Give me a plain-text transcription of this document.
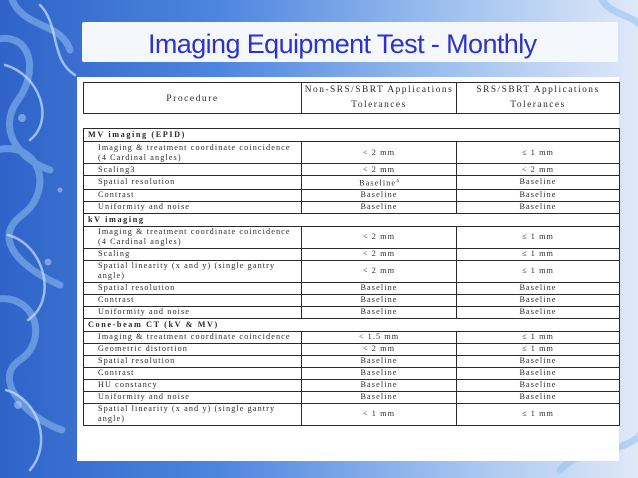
Imaging Equipment Test - Monthly
Procedure	Non-SRS/SBRT Applications Tolerances	SRS/SBRT Applications Tolerances

MV imaging (EPID)		
Imaging & treatment coordinate coincidence (4 Cardinal angles)	< 2 mm	≤ 1 mm
Scaling3	< 2 mm	< 2 mm
Spatial resolution	Baseline$^4$	Baseline
Contrast	Baseline	Baseline
Uniformity and noise	Baseline	Baseline
kV imaging		
Imaging & treatment coordinate coincidence (4 Cardinal angles)	< 2 mm	≤ 1 mm
Scaling	< 2 mm	≤ 1 mm
Spatial linearity (x and y) (single gantry angle)	< 2 mm	≤ 1 mm
Spatial resolution	Baseline	Baseline
Contrast	Baseline	Baseline
Uniformity and noise	Baseline	Baseline
Cone-beam CT (kV & MV)		
Imaging & treatment coordinate coincidence	< 1.5 mm	≤ 1 mm
Geometric distortion	< 2 mm	≤ 1 mm
Spatial resolution	Baseline	Baseline
Contrast	Baseline	Baseline
HU constancy	Baseline	Baseline
Uniformity and noise	Baseline	Baseline
Spatial linearity (x and y) (single gantry angle)	< 1 mm	≤ 1 mm
